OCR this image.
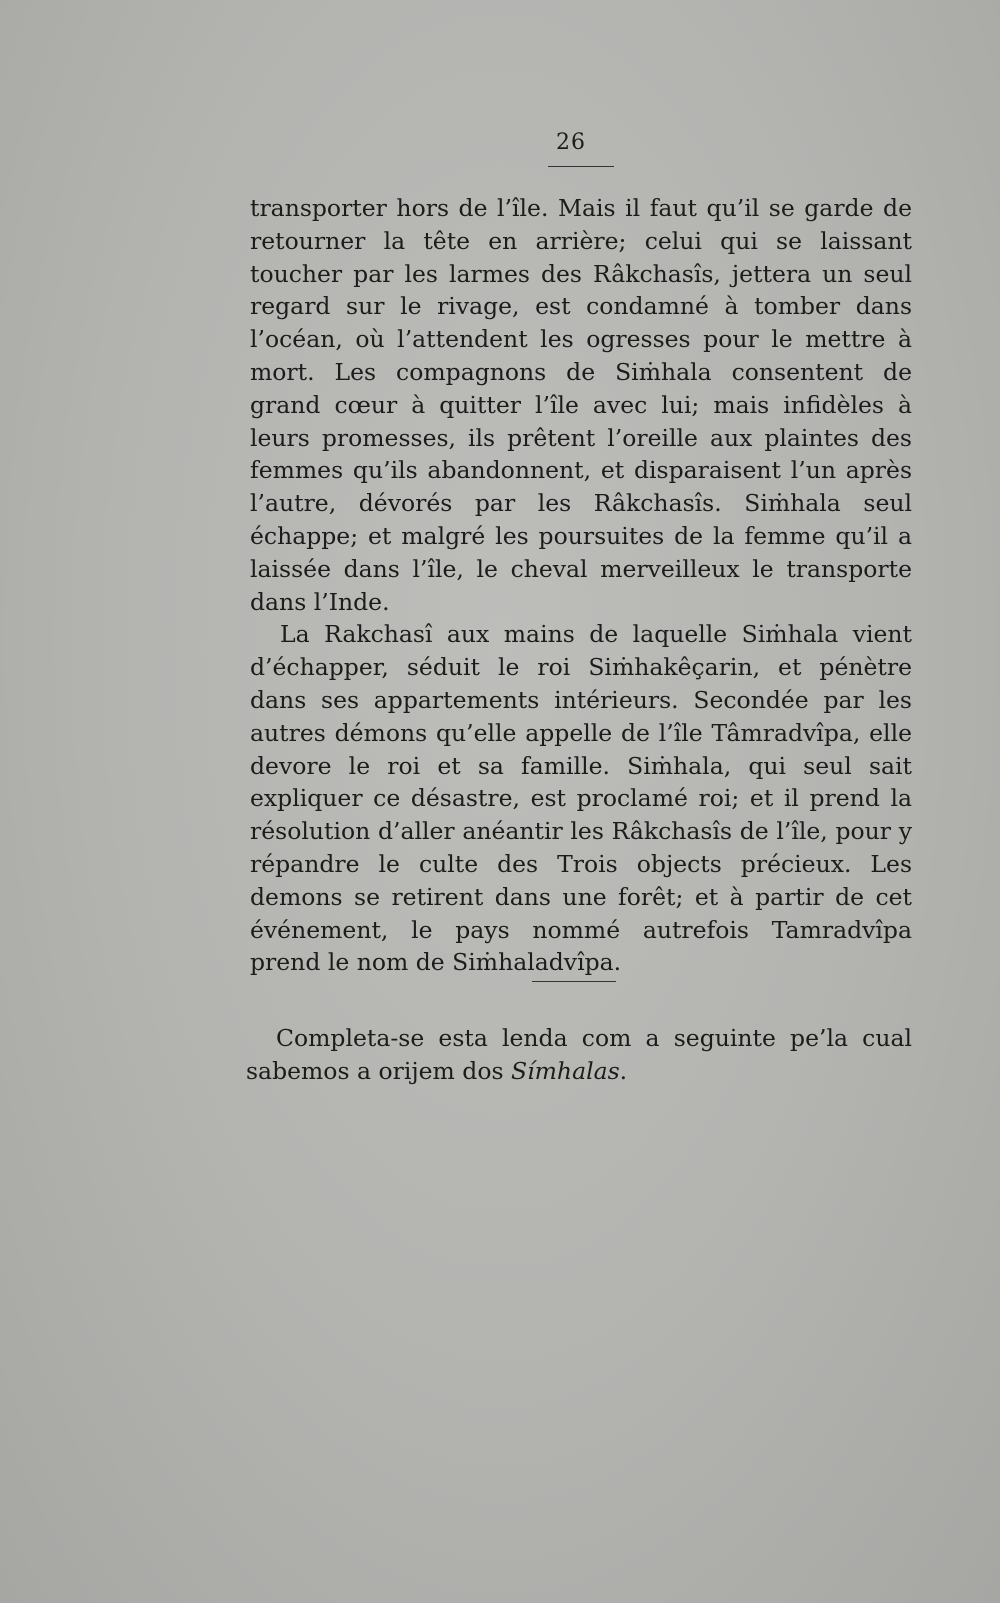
26

transporter hors de l’île. Mais il faut qu’il se garde de retourner la tête en arrière; celui qui se laissant toucher par les larmes des Râkchasîs, jettera un seul regard sur le rivage, est condamné à tomber dans l’océan, où l’attendent les ogresses pour le mettre à mort. Les compagnons de Siṁhala consentent de grand cœur à quitter l’île avec lui; mais infidèles à leurs promesses, ils prêtent l’oreille aux plaintes des femmes qu’ils abandonnent, et disparaisent l’un après l’autre, dévorés par les Râkchasîs. Siṁhala seul échappe; et malgré les poursuites de la femme qu’il a laissée dans l’île, le cheval merveilleux le transporte dans l’Inde.

La Rakchasî aux mains de laquelle Siṁhala vient d’échapper, séduit le roi Siṁhakêçarin, et pénètre dans ses appartements intérieurs. Secondée par les autres démons qu’elle appelle de l’île Tâmradvîpa, elle devore le roi et sa famille. Siṁhala, qui seul sait expliquer ce désastre, est proclamé roi; et il prend la résolution d’aller anéantir les Râkchasîs de l’île, pour y répandre le culte des Trois objects précieux. Les demons se retirent dans une forêt; et à partir de cet événement, le pays nommé autrefois Tamradvîpa prend le nom de Siṁhaladvîpa.

Completa-se esta lenda com a seguinte pe’la cual sabemos a orijem dos Símhalas.
